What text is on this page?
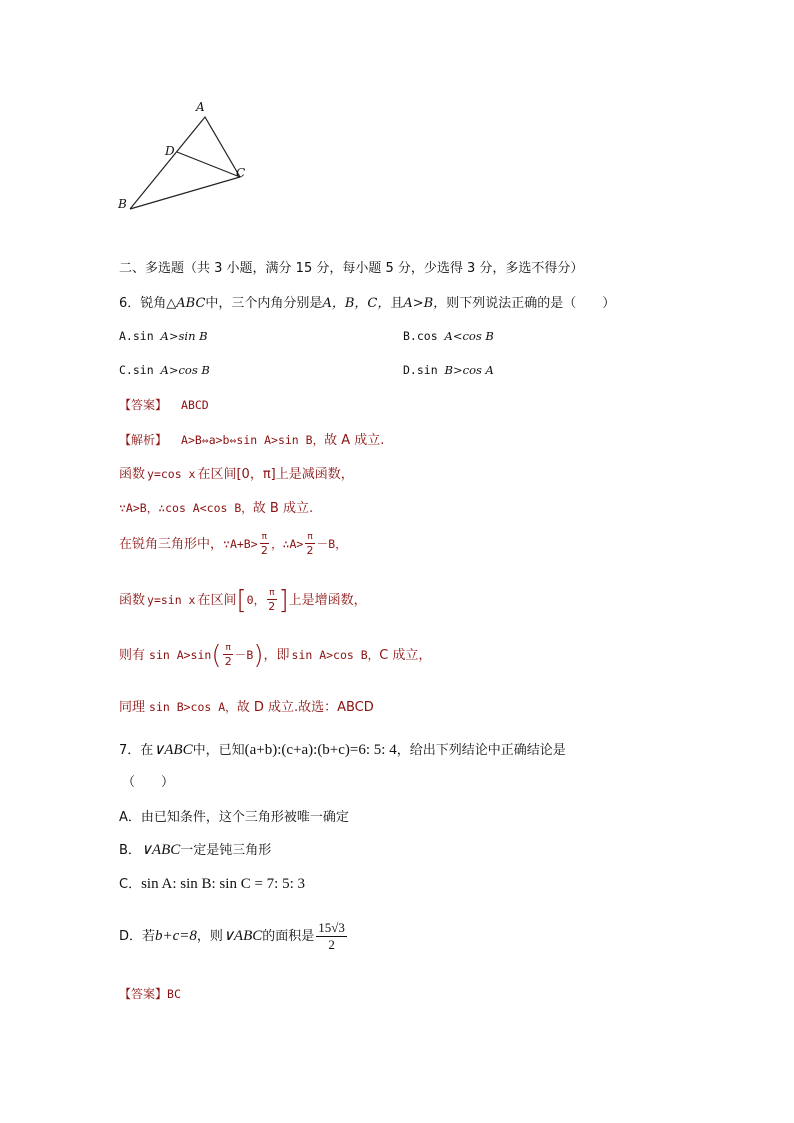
A
B
C
D
二、多选题（共 3 小题，满分 15 分，每小题 5 分，少选得 3 分，多选不得分）
6．锐角△ABC中，三个内角分别是A，B，C，且A>B，则下列说法正确的是（　　）
A.sin A>sin B	B.cos A<cos B
C.sin A>cos B	D.sin B>cos A
【答案】 ABCD
【解析】 A>B⇔a>b⇔sin A>sin B，故 A 成立.
函数 y=cos x 在区间[0，π]上是减函数，
∵A>B，∴cos A<cos B，故 B 成立.
在锐角三角形中，∵A+B> $\frac{\pi}{2}$ ，∴A> $\frac{\pi}{2} -B$，
函数 y=sin x 在区间[0， $\frac{\pi}{2}$ ]上是增函数，
则有 $\sin A>\sin( \frac{\pi}{2} -B)$，即 sin A>cos B，C 成立，
同理 sin B>cos A，故 D 成立.故选：ABCD
7．在∨ABC中，已知(a+b):(c+a):(b+c)=6: 5: 4，给出下列结论中正确结论是
（　　）
A．由已知条件，这个三角形被唯一确定
B．∨ABC一定是钝三角形
C．sin A: sin B: sin C = 7: 5: 3
D．若b+c=8，则∨ABC的面积是 $\frac{15√3}{2}$
【答案】BC
